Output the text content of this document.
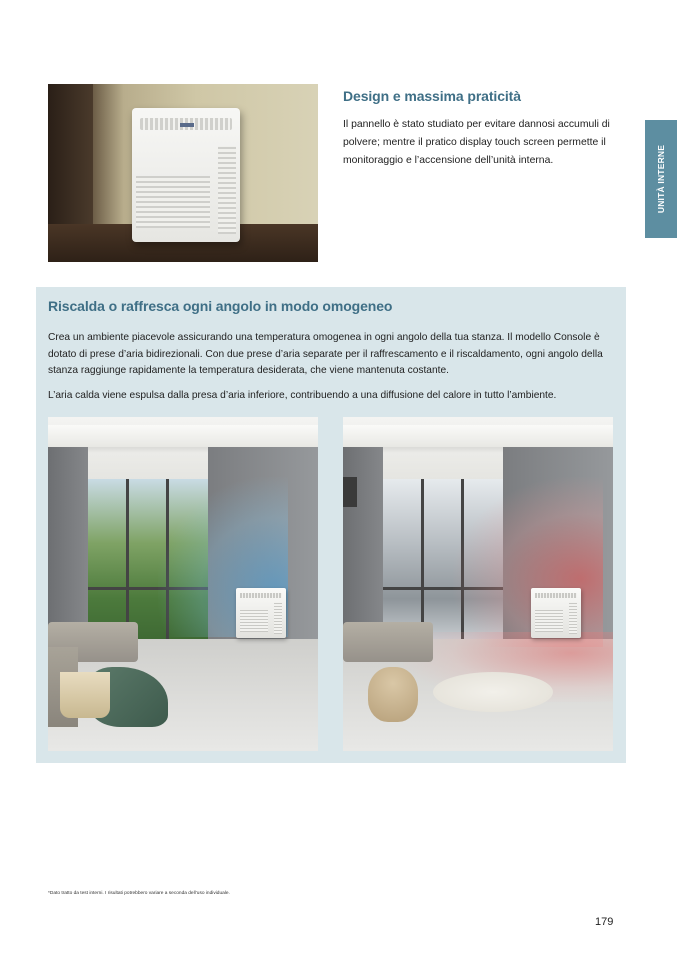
Design e massima praticità

Il pannello è stato studiato per evitare dannosi accumuli di polvere; mentre il pratico display touch screen permette il monitoraggio e l’accensione dell’unità interna.	UNITÀ INTERNE
Riscalda o raffresca ogni angolo in modo omogeneo

Crea un ambiente piacevole assicurando una temperatura omogenea in ogni angolo della tua stanza. Il modello Console è dotato di prese d’aria bidirezionali. Con due prese d’aria separate per il raffrescamento e il riscaldamento, ogni angolo della stanza raggiunge rapidamente la temperatura desiderata, che viene mantenuta costante.

L’aria calda viene espulsa dalla presa d’aria inferiore, contribuendo a una diffusione del calore in tutto l’ambiente.

*Dato tratto da test interni. I risultati potrebbero variare a seconda dell’uso individuale.

179
